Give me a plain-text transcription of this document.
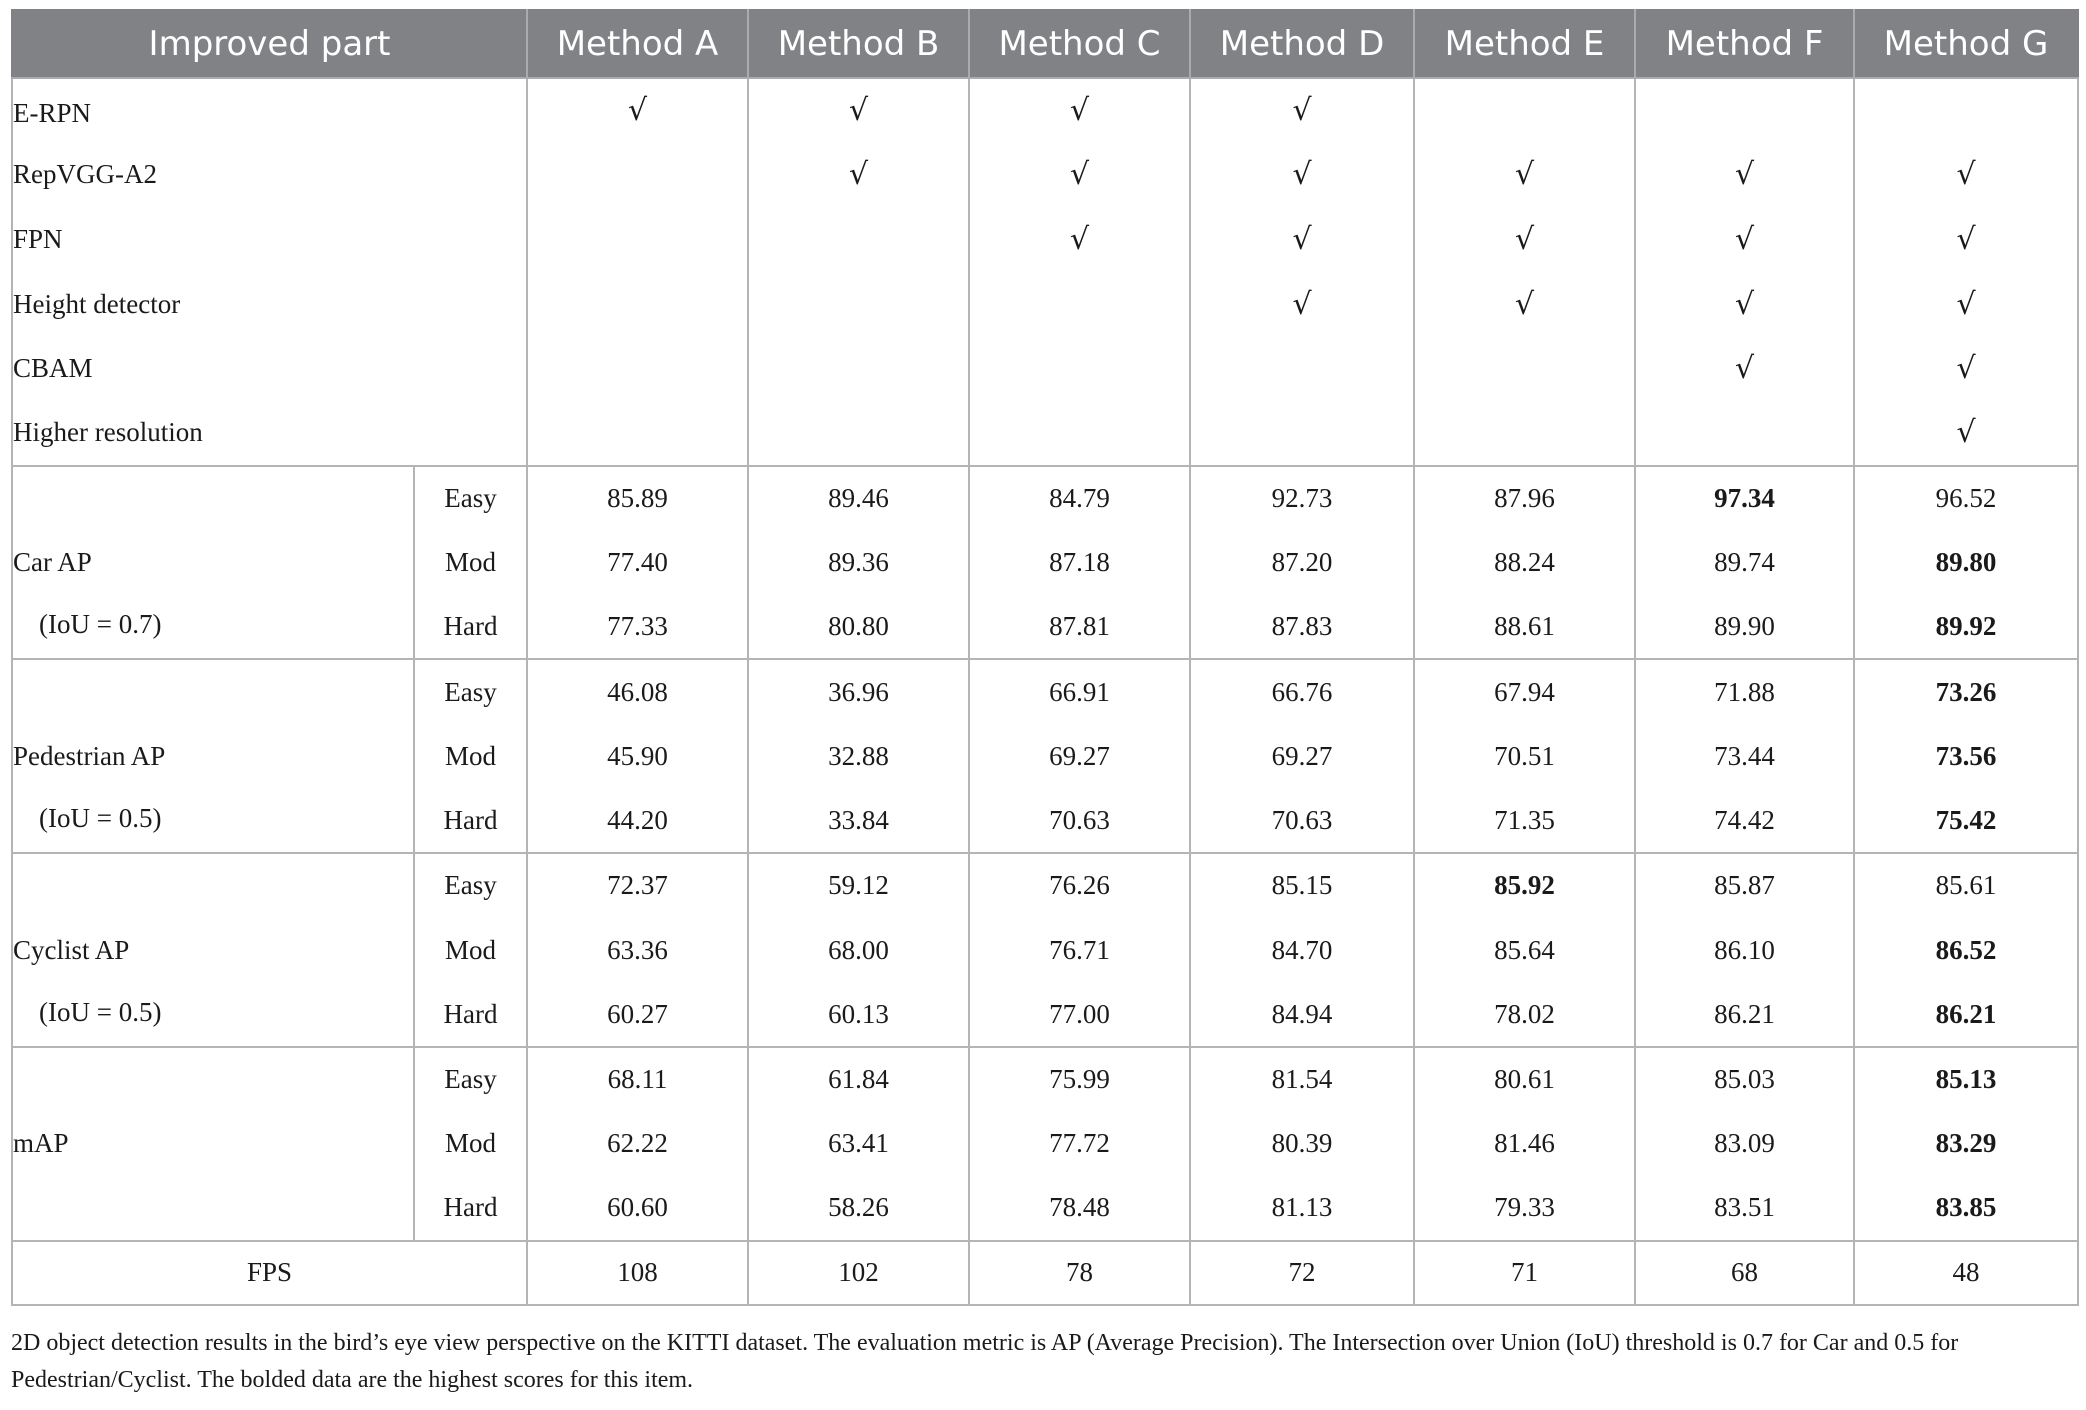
Improved part		Method A	Method B	Method C	Method D	Method E	Method F	Method G
E-RPN		√	√	√	√			
RepVGG-A2			√	√	√	√	√	√
FPN				√	√	√	√	√
Height detector					√	√	√	√
CBAM							√	√
Higher resolution								√

Car AP
(IoU = 0.7)	Easy	85.89	89.46	84.79	92.73	87.96	97.34	96.52
	Mod	77.40	89.36	87.18	87.20	88.24	89.74	89.80
	Hard	77.33	80.80	87.81	87.83	88.61	89.90	89.92

Pedestrian AP
(IoU = 0.5)	Easy	46.08	36.96	66.91	66.76	67.94	71.88	73.26
	Mod	45.90	32.88	69.27	69.27	70.51	73.44	73.56
	Hard	44.20	33.84	70.63	70.63	71.35	74.42	75.42

Cyclist AP
(IoU = 0.5)	Easy	72.37	59.12	76.26	85.15	85.92	85.87	85.61
	Mod	63.36	68.00	76.71	84.70	85.64	86.10	86.52
	Hard	60.27	60.13	77.00	84.94	78.02	86.21	86.21

mAP	Easy	68.11	61.84	75.99	81.54	80.61	85.03	85.13
	Mod	62.22	63.41	77.72	80.39	81.46	83.09	83.29
	Hard	60.60	58.26	78.48	81.13	79.33	83.51	83.85
FPS		108	102	78	72	71	68	48
2D object detection results in the bird’s eye view perspective on the KITTI dataset. The evaluation metric is AP (Average Precision). The Intersection over Union (IoU) threshold is 0.7 for Car and 0.5 for Pedestrian/Cyclist. The bolded data are the highest scores for this item.
